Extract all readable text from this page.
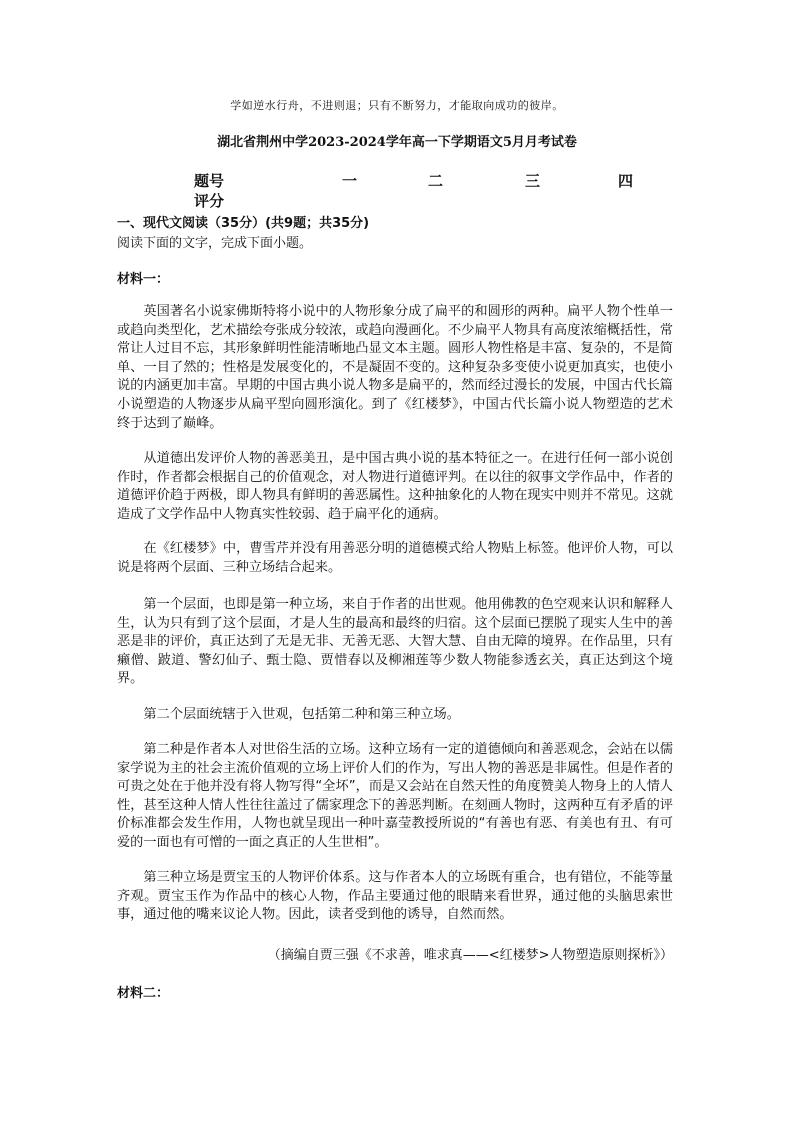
学如逆水行舟，不进则退；只有不断努力，才能取向成功的彼岸。
湖北省荆州中学2023-2024学年高一下学期语文5月月考试卷
题号	一	二	三	四
评分
一、现代文阅读（35分）(共9题；共35分)
阅读下面的文字，完成下面小题。
材料一：

英国著名小说家佛斯特将小说中的人物形象分成了扁平的和圆形的两种。扁平人物个性单一或趋向类型化，艺术描绘夸张成分较浓，或趋向漫画化。不少扁平人物具有高度浓缩概括性，常常让人过目不忘，其形象鲜明性能清晰地凸显文本主题。圆形人物性格是丰富、复杂的，不是简单、一目了然的；性格是发展变化的，不是凝固不变的。这种复杂多变使小说更加真实，也使小说的内涵更加丰富。早期的中国古典小说人物多是扁平的，然而经过漫长的发展，中国古代长篇小说塑造的人物逐步从扁平型向圆形演化。到了《红楼梦》，中国古代长篇小说人物塑造的艺术终于达到了巅峰。

从道德出发评价人物的善恶美丑，是中国古典小说的基本特征之一。在进行任何一部小说创作时，作者都会根据自己的价值观念，对人物进行道德评判。在以往的叙事文学作品中，作者的道德评价趋于两极，即人物具有鲜明的善恶属性。这种抽象化的人物在现实中则并不常见。这就造成了文学作品中人物真实性较弱、趋于扁平化的通病。

在《红楼梦》中，曹雪芹并没有用善恶分明的道德模式给人物贴上标签。他评价人物，可以说是将两个层面、三种立场结合起来。

第一个层面，也即是第一种立场，来自于作者的出世观。他用佛教的色空观来认识和解释人生，认为只有到了这个层面，才是人生的最高和最终的归宿。这个层面已摆脱了现实人生中的善恶是非的评价，真正达到了无是无非、无善无恶、大智大慧、自由无障的境界。在作品里，只有癞僧、跛道、警幻仙子、甄士隐、贾惜春以及柳湘莲等少数人物能参透玄关，真正达到这个境界。

第二个层面统辖于入世观，包括第二种和第三种立场。

第二种是作者本人对世俗生活的立场。这种立场有一定的道德倾向和善恶观念，会站在以儒家学说为主的社会主流价值观的立场上评价人们的作为，写出人物的善恶是非属性。但是作者的可贵之处在于他并没有将人物写得“全坏”，而是又会站在自然天性的角度赞美人物身上的人情人性，甚至这种人情人性往往盖过了儒家理念下的善恶判断。在刻画人物时，这两种互有矛盾的评价标准都会发生作用，人物也就呈现出一种叶嘉莹教授所说的“有善也有恶、有美也有丑、有可爱的一面也有可憎的一面之真正的人生世相”。

第三种立场是贾宝玉的人物评价体系。这与作者本人的立场既有重合，也有错位，不能等量齐观。贾宝玉作为作品中的核心人物，作品主要通过他的眼睛来看世界，通过他的头脑思索世事，通过他的嘴来议论人物。因此，读者受到他的诱导，自然而然。

（摘编自贾三强《不求善，唯求真——<红楼梦>人物塑造原则探析》）
材料二：
